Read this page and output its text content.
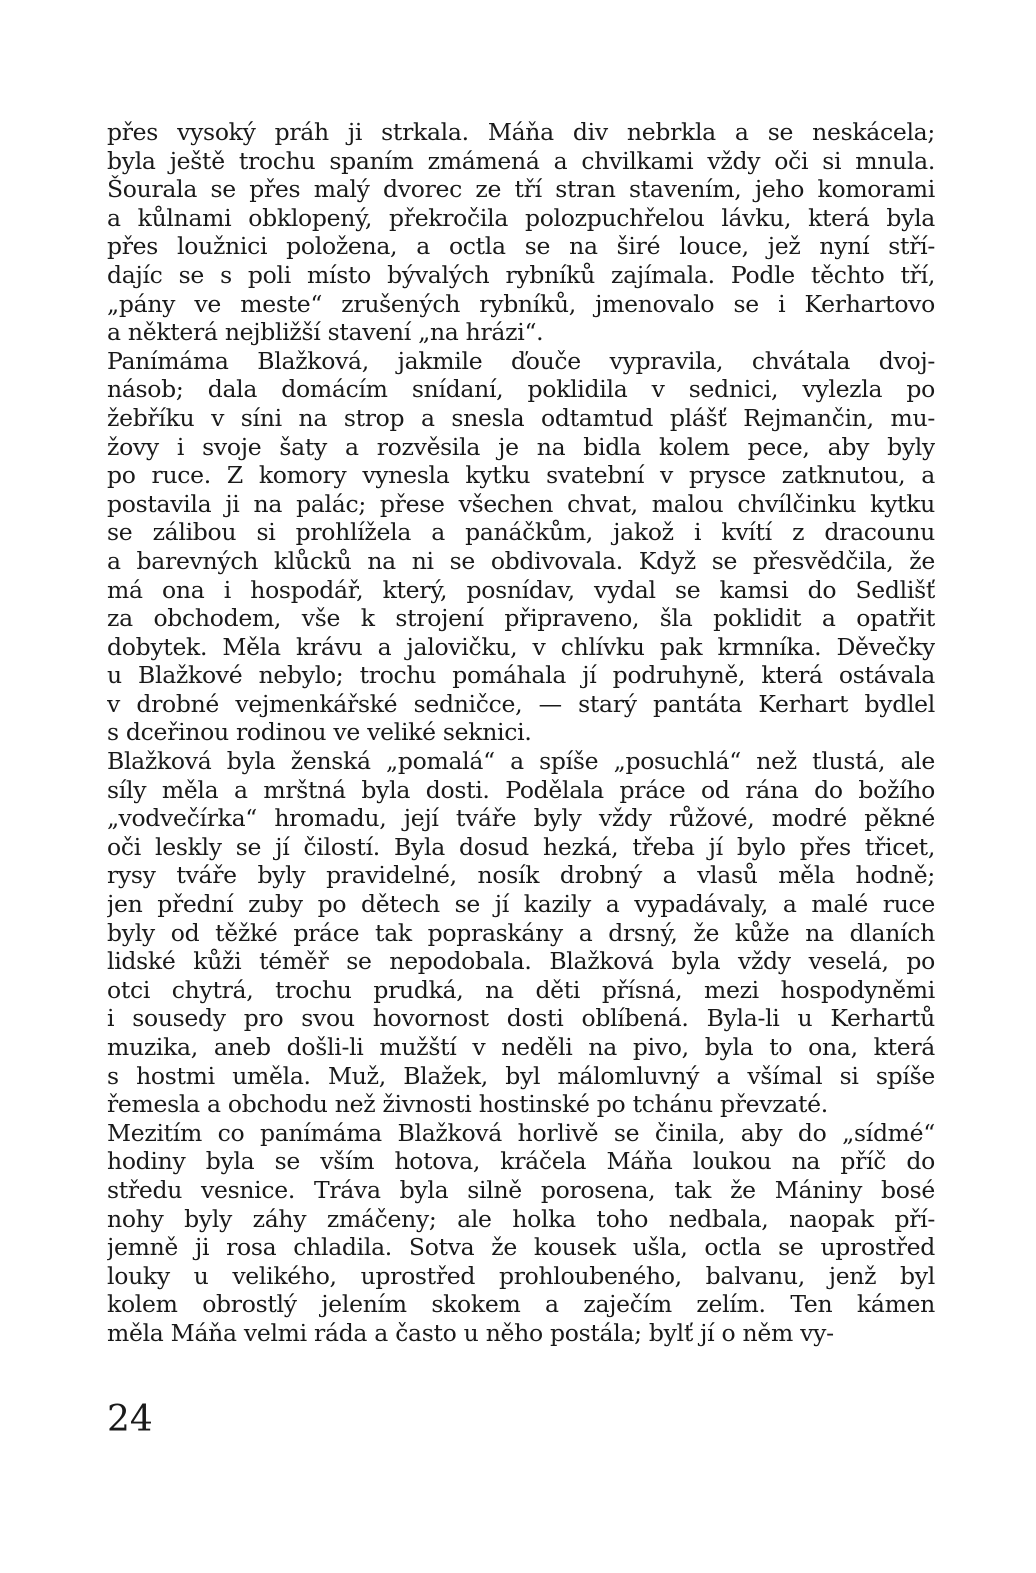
přes vysoký práh ji strkala. Máňa div nebrkla a se neskácela;
byla ještě trochu spaním zmámená a chvilkami vždy oči si mnula.
Šourala se přes malý dvorec ze tří stran stavením, jeho komorami
a kůlnami obklopený, překročila polozpuchřelou lávku, která byla
přes loužnici položena, a octla se na širé louce, jež nyní stří-
dajíc se s poli místo bývalých rybníků zajímala. Podle těchto tří,
„pány ve meste“ zrušených rybníků, jmenovalo se i Kerhartovo
a některá nejbližší stavení „na hrázi“.
Panímáma Blažková, jakmile ďouče vypravila, chvátala dvoj-
násob; dala domácím snídaní, poklidila v sednici, vylezla po
žebříku v síni na strop a snesla odtamtud plášť Rejmančin, mu-
žovy i svoje šaty a rozvěsila je na bidla kolem pece, aby byly
po ruce. Z komory vynesla kytku svatební v prysce zatknutou, a
postavila ji na palác; přese všechen chvat, malou chvílčinku kytku
se zálibou si prohlížela a panáčkům, jakož i kvítí z dracounu
a barevných klůcků na ni se obdivovala. Když se přesvědčila, že
má ona i hospodář, který, posnídav, vydal se kamsi do Sedlišť
za obchodem, vše k strojení připraveno, šla poklidit a opatřit
dobytek. Měla krávu a jalovičku, v chlívku pak krmníka. Děvečky
u Blažkové nebylo; trochu pomáhala jí podruhyně, která ostávala
v drobné vejmenkářské sedničce, — starý pantáta Kerhart bydlel
s dceřinou rodinou ve veliké seknici.
Blažková byla ženská „pomalá“ a spíše „posuchlá“ než tlustá, ale
síly měla a mrštná byla dosti. Podělala práce od rána do božího
„vodvečírka“ hromadu, její tváře byly vždy růžové, modré pěkné
oči leskly se jí čilostí. Byla dosud hezká, třeba jí bylo přes třicet,
rysy tváře byly pravidelné, nosík drobný a vlasů měla hodně;
jen přední zuby po dětech se jí kazily a vypadávaly, a malé ruce
byly od těžké práce tak popraskány a drsný, že kůže na dlaních
lidské kůži téměř se nepodobala. Blažková byla vždy veselá, po
otci chytrá, trochu prudká, na děti přísná, mezi hospodyněmi
i sousedy pro svou hovornost dosti oblíbená. Byla-li u Kerhartů
muzika, aneb došli-li mužští v neděli na pivo, byla to ona, která
s hostmi uměla. Muž, Blažek, byl málomluvný a všímal si spíše
řemesla a obchodu než živnosti hostinské po tchánu převzaté.
Mezitím co panímáma Blažková horlivě se činila, aby do „sídmé“
hodiny byla se vším hotova, kráčela Máňa loukou na příč do
středu vesnice. Tráva byla silně porosena, tak že Mániny bosé
nohy byly záhy zmáčeny; ale holka toho nedbala, naopak pří-
jemně ji rosa chladila. Sotva že kousek ušla, octla se uprostřed
louky u velikého, uprostřed prohloubeného, balvanu, jenž byl
kolem obrostlý jelením skokem a zaječím zelím. Ten kámen
měla Máňa velmi ráda a často u něho postála; bylť jí o něm vy-
24
